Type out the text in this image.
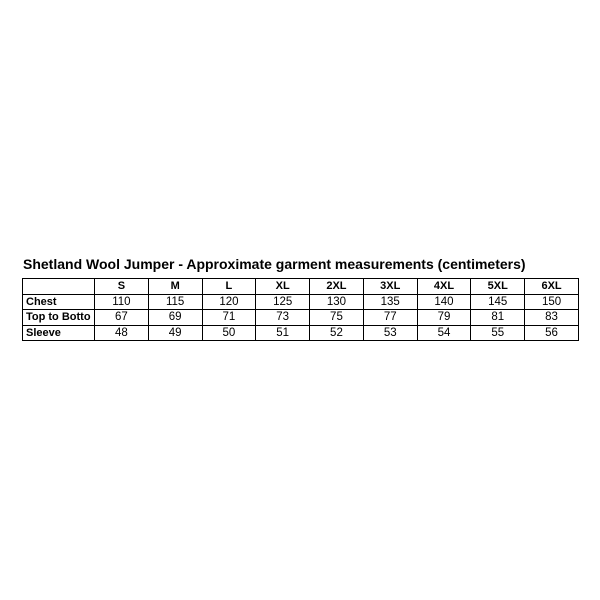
Shetland Wool Jumper - Approximate garment measurements (centimeters)
	S	M	L	XL	2XL	3XL	4XL	5XL	6XL
Chest	110	115	120	125	130	135	140	145	150
Top to Botto	67	69	71	73	75	77	79	81	83
Sleeve	48	49	50	51	52	53	54	55	56
